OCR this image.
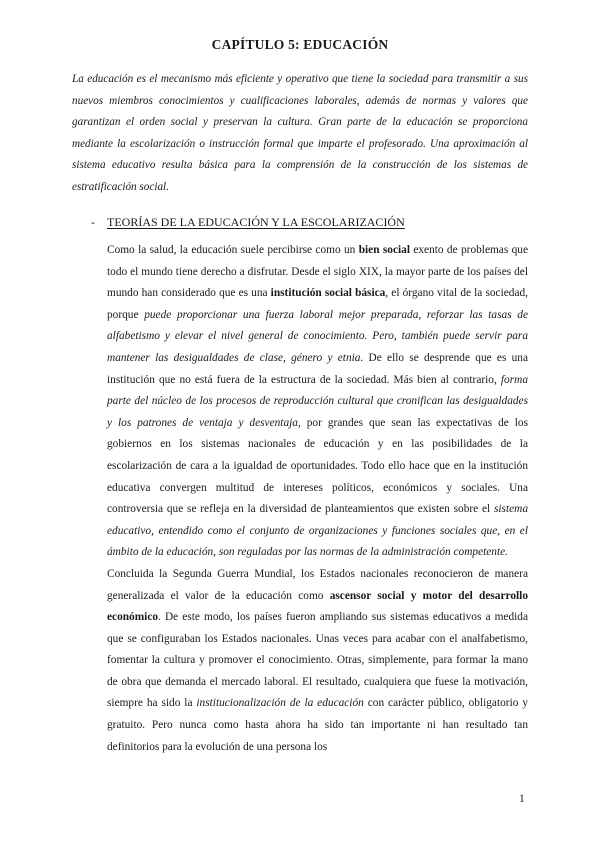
CAPÍTULO 5: EDUCACIÓN
La educación es el mecanismo más eficiente y operativo que tiene la sociedad para transmitir a sus nuevos miembros conocimientos y cualificaciones laborales, además de normas y valores que garantizan el orden social y preservan la cultura. Gran parte de la educación se proporciona mediante la escolarización o instrucción formal que imparte el profesorado. Una aproximación al sistema educativo resulta básica para la comprensión de la construcción de los sistemas de estratificación social.
- TEORÍAS DE LA EDUCACIÓN Y LA ESCOLARIZACIÓN

Como la salud, la educación suele percibirse como un bien social exento de problemas que todo el mundo tiene derecho a disfrutar. Desde el siglo XIX, la mayor parte de los países del mundo han considerado que es una institución social básica, el órgano vital de la sociedad, porque puede proporcionar una fuerza laboral mejor preparada, reforzar las tasas de alfabetismo y elevar el nivel general de conocimiento. Pero, también puede servir para mantener las desigualdades de clase, género y etnia. De ello se desprende que es una institución que no está fuera de la estructura de la sociedad. Más bien al contrario, forma parte del núcleo de los procesos de reproducción cultural que cronifican las desigualdades y los patrones de ventaja y desventaja, por grandes que sean las expectativas de los gobiernos en los sistemas nacionales de educación y en las posibilidades de la escolarización de cara a la igualdad de oportunidades. Todo ello hace que en la institución educativa convergen multitud de intereses políticos, económicos y sociales. Una controversia que se refleja en la diversidad de planteamientos que existen sobre el sistema educativo, entendido como el conjunto de organizaciones y funciones sociales que, en el ámbito de la educación, son reguladas por las normas de la administración competente.

Concluida la Segunda Guerra Mundial, los Estados nacionales reconocieron de manera generalizada el valor de la educación como ascensor social y motor del desarrollo económico. De este modo, los países fueron ampliando sus sistemas educativos a medida que se configuraban los Estados nacionales. Unas veces para acabar con el analfabetismo, fomentar la cultura y promover el conocimiento. Otras, simplemente, para formar la mano de obra que demanda el mercado laboral. El resultado, cualquiera que fuese la motivación, siempre ha sido la institucionalización de la educación con carácter público, obligatorio y gratuito. Pero nunca como hasta ahora ha sido tan importante ni han resultado tan definitorios para la evolución de una persona los

1
